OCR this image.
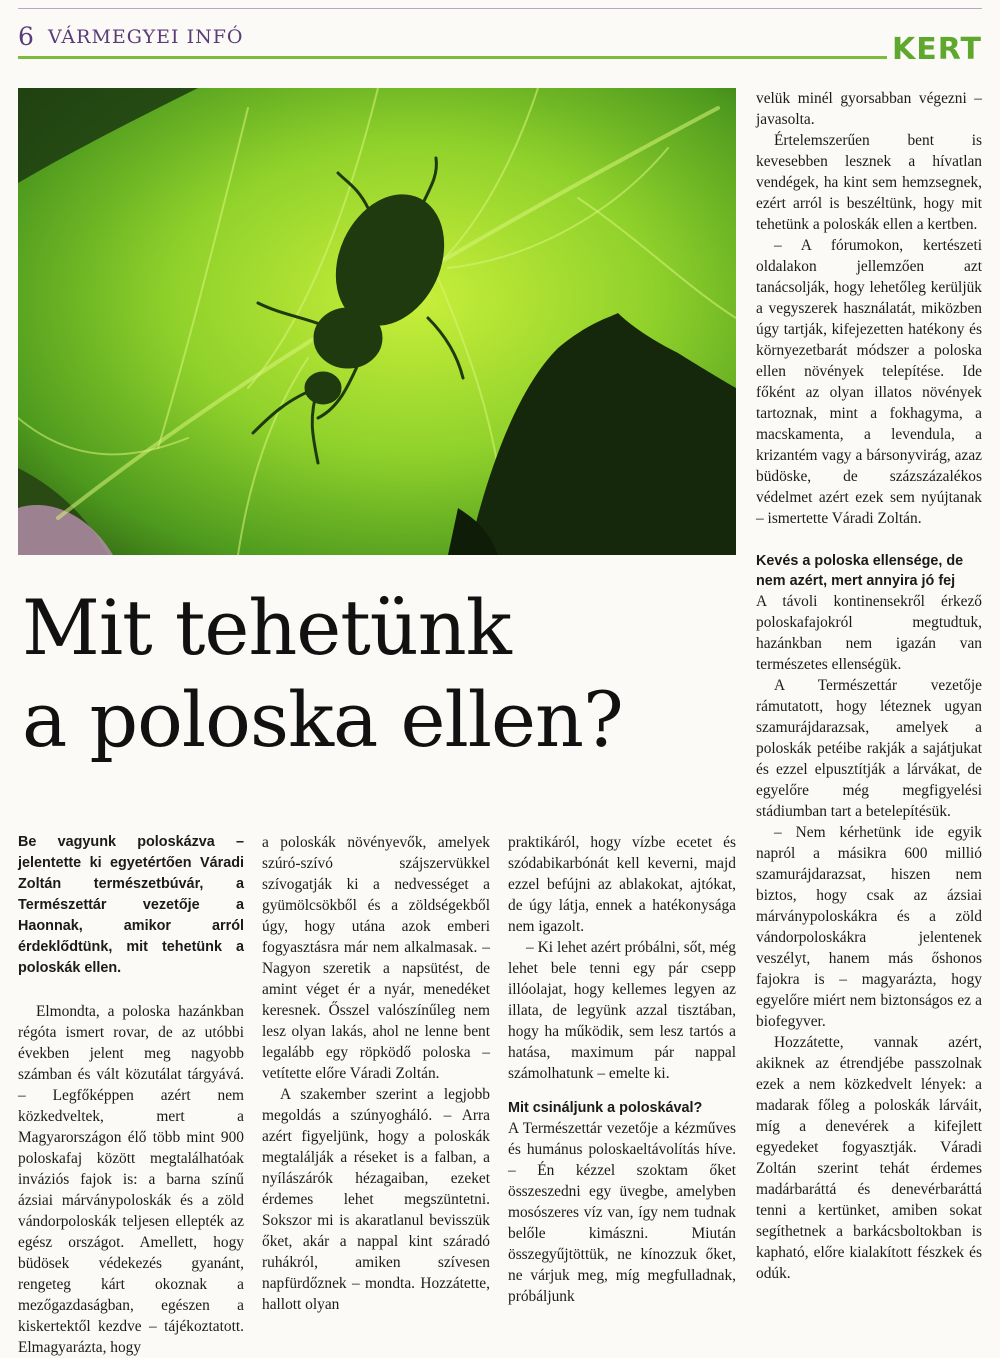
6 VÁRMEGYEI INFÓ	KERT
Mit tehetünk
a poloska ellen?

Be vagyunk poloskázva – jelentette ki egyetértően Váradi Zoltán természetbúvár, a Természettár vezetője a Haonnak, amikor arról érdeklődtünk, mit tehetünk a poloskák ellen.

Elmondta, a poloska hazánkban régóta ismert rovar, de az utóbbi években jelent meg nagyobb számban és vált közutálat tárgyává. – Legfőképpen azért nem közkedveltek, mert a Magyarországon élő több mint 900 poloskafaj között megtalálhatóak inváziós fajok is: a barna színű ázsiai márványpoloskák és a zöld vándorpoloskák teljesen ellepték az egész országot. Amellett, hogy büdösek védekezés gyanánt, rengeteg kárt okoznak a mezőgazdaságban, egészen a kiskertektől kezdve – tájékoztatott. Elmagyarázta, hogy

a poloskák növényevők, amelyek szúró-szívó szájszervükkel szívogatják ki a nedvességet a gyümölcsökből és a zöldségekből úgy, hogy utána azok emberi fogyasztásra már nem alkalmasak. – Nagyon szeretik a napsütést, de amint véget ér a nyár, menedéket keresnek. Ősszel valószínűleg nem lesz olyan lakás, ahol ne lenne bent legalább egy röpködő poloska – vetítette előre Váradi Zoltán.

A szakember szerint a legjobb megoldás a szúnyogháló. – Arra azért figyeljünk, hogy a poloskák megtalálják a réseket is a falban, a nyílászárók hézagaiban, ezeket érdemes lehet megszüntetni. Sokszor mi is akaratlanul bevisszük őket, akár a nappal kint száradó ruhákról, amiken szívesen napfürdőznek – mondta. Hozzátette, hallott olyan

praktikáról, hogy vízbe ecetet és szódabikarbónát kell keverni, majd ezzel befújni az ablakokat, ajtókat, de úgy látja, ennek a hatékonysága nem igazolt.

– Ki lehet azért próbálni, sőt, még lehet bele tenni egy pár csepp illóolajat, hogy kellemes legyen az illata, de legyünk azzal tisztában, hogy ha működik, sem lesz tartós a hatása, maximum pár nappal számolhatunk – emelte ki.

Mit csináljunk a poloskával?

A Természettár vezetője a kézműves és humánus poloskaeltávolítás híve. – Én kézzel szoktam őket összeszedni egy üvegbe, amelyben mosószeres víz van, így nem tudnak belőle kimászni. Miután összegyűjtöttük, ne kínozzuk őket, ne várjuk meg, míg megfulladnak, próbáljunk

velük minél gyorsabban végezni – javasolta.

Értelemszerűen bent is kevesebben lesznek a hívatlan vendégek, ha kint sem hemzsegnek, ezért arról is beszéltünk, hogy mit tehetünk a poloskák ellen a kertben.

– A fórumokon, kertészeti oldalakon jellemzően azt tanácsolják, hogy lehetőleg kerüljük a vegyszerek használatát, miközben úgy tartják, kifejezetten hatékony és környezetbarát módszer a poloska ellen növények telepítése. Ide főként az olyan illatos növények tartoznak, mint a fokhagyma, a macskamenta, a levendula, a krizantém vagy a bársonyvirág, azaz büdöske, de százszázalékos védelmet azért ezek sem nyújtanak – ismertette Váradi Zoltán.

Kevés a poloska ellensége, de nem azért, mert annyira jó fej

A távoli kontinensekről érkező poloskafajokról megtudtuk, hazánkban nem igazán van természetes ellenségük.

A Természettár vezetője rámutatott, hogy léteznek ugyan szamurájdarazsak, amelyek a poloskák petéibe rakják a sajátjukat és ezzel elpusztítják a lárvákat, de egyelőre még megfigyelési stádiumban tart a betelepítésük.

– Nem kérhetünk ide egyik napról a másikra 600 millió szamurájdarazsat, hiszen nem biztos, hogy csak az ázsiai márványpoloskákra és a zöld vándorpoloskákra jelentenek veszélyt, hanem más őshonos fajokra is – magyarázta, hogy egyelőre miért nem biztonságos ez a biofegyver.

Hozzátette, vannak azért, akiknek az étrendjébe passzolnak ezek a nem közkedvelt lények: a madarak főleg a poloskák lárváit, míg a denevérek a kifejlett egyedeket fogyasztják. Váradi Zoltán szerint tehát érdemes madárbaráttá és denevérbaráttá tenni a kertünket, amiben sokat segíthetnek a barkácsboltokban is kapható, előre kialakított fészkek és odúk.
